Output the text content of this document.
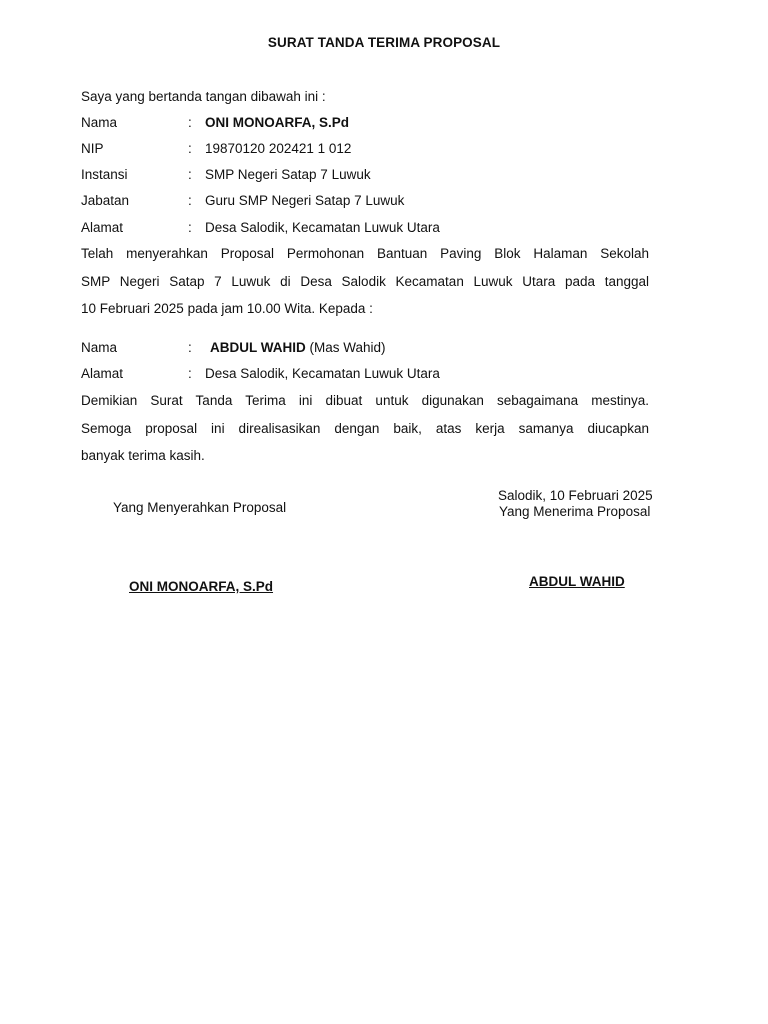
SURAT TANDA TERIMA PROPOSAL
Saya yang bertanda tangan dibawah ini :
Nama	: ONI MONOARFA, S.Pd
NIP	: 19870120 202421 1 012
Instansi	: SMP Negeri Satap 7 Luwuk
Jabatan	: Guru SMP Negeri Satap 7 Luwuk
Alamat	: Desa Salodik, Kecamatan Luwuk Utara
Telah menyerahkan Proposal Permohonan Bantuan Paving Blok Halaman Sekolah
SMP Negeri Satap 7 Luwuk di Desa Salodik Kecamatan Luwuk Utara pada tanggal
10 Februari 2025 pada jam 10.00 Wita. Kepada :
Nama	: ABDUL WAHID (Mas Wahid)
Alamat	: Desa Salodik, Kecamatan Luwuk Utara
Demikian Surat Tanda Terima ini dibuat untuk digunakan sebagaimana mestinya.
Semoga proposal ini direalisasikan dengan baik, atas kerja samanya diucapkan
banyak terima kasih.
Yang Menyerahkan Proposal
Salodik, 10 Februari 2025
Yang Menerima Proposal
ONI MONOARFA, S.Pd	ABDUL WAHID
